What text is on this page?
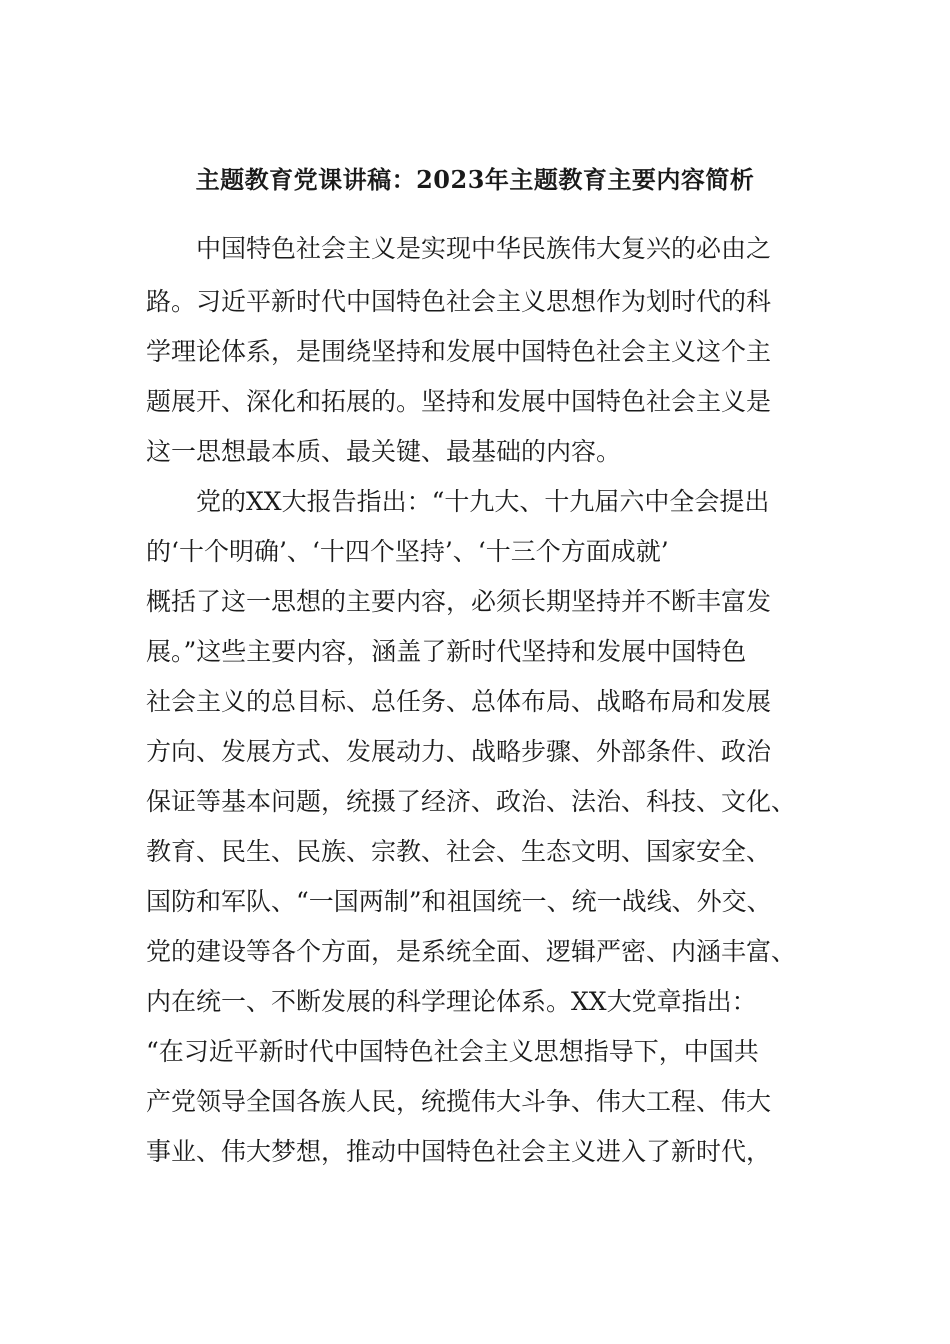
主题教育党课讲稿：2023年主题教育主要内容简析
中国特色社会主义是实现中华民族伟大复兴的必由之
路。习近平新时代中国特色社会主义思想作为划时代的科
学理论体系，是围绕坚持和发展中国特色社会主义这个主
题展开、深化和拓展的。坚持和发展中国特色社会主义是
这一思想最本质、最关键、最基础的内容。
党的XX大报告指出：“十九大、十九届六中全会提出
的‘十个明确’、‘十四个坚持’、‘十三个方面成就’
概括了这一思想的主要内容，必须长期坚持并不断丰富发
展。”这些主要内容，涵盖了新时代坚持和发展中国特色
社会主义的总目标、总任务、总体布局、战略布局和发展
方向、发展方式、发展动力、战略步骤、外部条件、政治
保证等基本问题，统摄了经济、政治、法治、科技、文化、
教育、民生、民族、宗教、社会、生态文明、国家安全、
国防和军队、“一国两制”和祖国统一、统一战线、外交、
党的建设等各个方面，是系统全面、逻辑严密、内涵丰富、
内在统一、不断发展的科学理论体系。XX大党章指出：
“在习近平新时代中国特色社会主义思想指导下，中国共
产党领导全国各族人民，统揽伟大斗争、伟大工程、伟大
事业、伟大梦想，推动中国特色社会主义进入了新时代，
